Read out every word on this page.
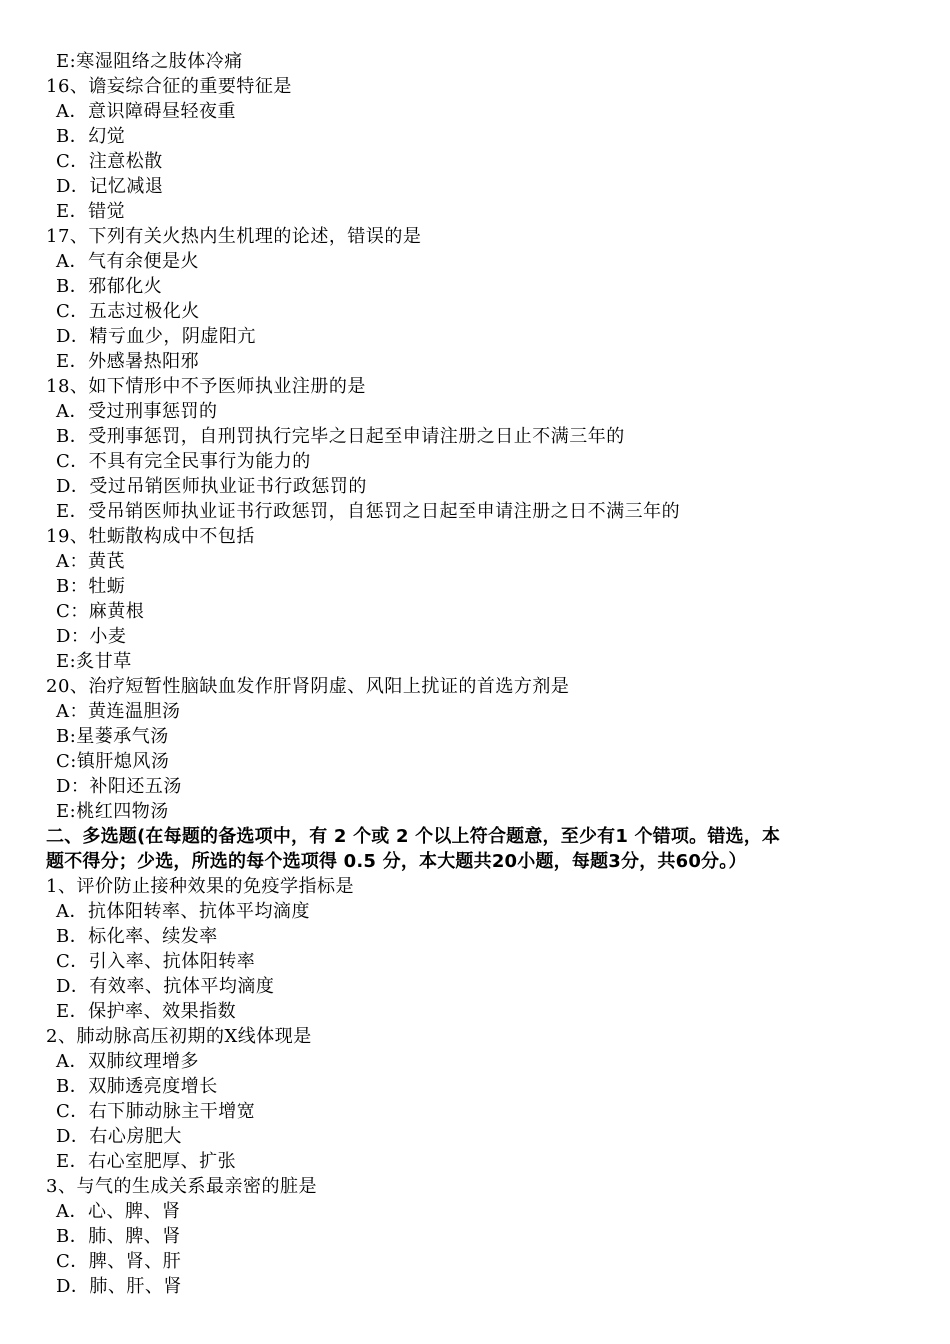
E:寒湿阻络之肢体冷痛
16、谵妄综合征的重要特征是
A．意识障碍昼轻夜重
B．幻觉
C．注意松散
D．记忆减退
E．错觉
17、下列有关火热内生机理的论述，错误的是
A．气有余便是火
B．邪郁化火
C．五志过极化火
D．精亏血少，阴虚阳亢
E．外感暑热阳邪
18、如下情形中不予医师执业注册的是
A．受过刑事惩罚的
B．受刑事惩罚，自刑罚执行完毕之日起至申请注册之日止不满三年的
C．不具有完全民事行为能力的
D．受过吊销医师执业证书行政惩罚的
E．受吊销医师执业证书行政惩罚，自惩罚之日起至申请注册之日不满三年的
19、牡蛎散构成中不包括
A：黄芪
B：牡蛎
C：麻黄根
D：小麦
E:炙甘草
20、治疗短暂性脑缺血发作肝肾阴虚、风阳上扰证的首选方剂是
A：黄连温胆汤
B:星蒌承气汤
C:镇肝熄风汤
D：补阳还五汤
E:桃红四物汤
二、多选题(在每题的备选项中，有 2 个或 2 个以上符合题意，至少有1 个错项。错选，本
题不得分；少选，所选的每个选项得 0.5 分，本大题共20小题，每题3分，共60分。）
1、评价防止接种效果的免疫学指标是
A．抗体阳转率、抗体平均滴度
B．标化率、续发率
C．引入率、抗体阳转率
D．有效率、抗体平均滴度
E．保护率、效果指数
2、肺动脉高压初期的X线体现是
A．双肺纹理增多
B．双肺透亮度增长
C．右下肺动脉主干增宽
D．右心房肥大
E．右心室肥厚、扩张
3、与气的生成关系最亲密的脏是
A．心、脾、肾
B．肺、脾、肾
C．脾、肾、肝
D．肺、肝、肾
